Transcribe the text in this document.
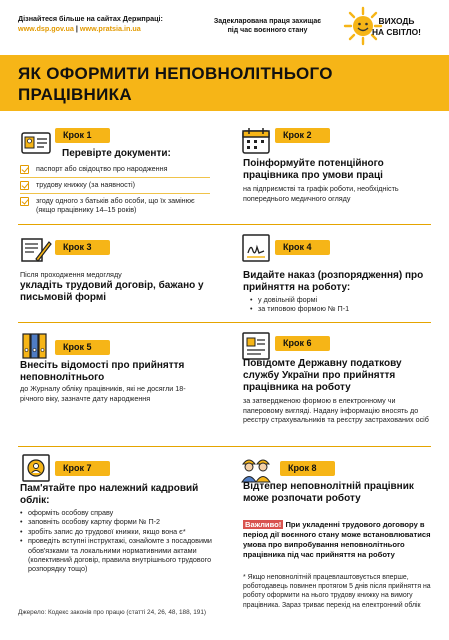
Дізнайтеся більше на сайтах Держпраці:
www.dsp.gov.ua | www.pratsia.in.ua
Задекларована праця захищає
під час воєнного стану
ВИХОДЬ
НА СВІТЛО!
ЯК ОФОРМИТИ НЕПОВНОЛІТНЬОГО
ПРАЦІВНИКА
Крок 1
Перевірте документи:
паспорт або свідоцтво про народження
трудову книжку (за наявності)
згоду одного з батьків або особи, що їх замінює (якщо працівнику 14–15 років)
Крок 2
Поінформуйте потенційного працівника про умови праці
на підприємстві та графік роботи, необхідність попереднього медичного огляду
Крок 3
Після проходження медогляду
укладіть трудовий договір, бажано у письмовій формі
Крок 4
Видайте наказ (розпорядження) про прийняття на роботу:
• у довільній формі
• за типовою формою № П-1
Крок 5
Внесіть відомості про прийняття неповнолітнього
до Журналу обліку працівників, які не досягли 18-річного віку, зазначте дату народження
Крок 6
Повідомте Державну податкову службу України про прийняття працівника на роботу
за затвердженою формою в електронному чи паперовому вигляді. Надану інформацію вносять до реєстру страхувальників та реєстру застрахованих осіб
Крок 7
Пам'ятайте про належний кадровий облік:
• оформіть особову справу
• заповніть особову картку форми № П-2
• зробіть запис до трудової книжки, якщо вона є*
• проведіть вступні інструктажі, ознайомте з посадовими обов'язками та локальними нормативними актами (колективний договір, правила внутрішнього трудового розпорядку тощо)
Крок 8
Відтепер неповнолітній працівник може розпочати роботу
Важливо! При укладенні трудового договору в період дії воєнного стану може встановлюватися умова про випробування неповнолітнього працівника під час прийняття на роботу
* Якщо неповнолітній працевлаштовується вперше, роботодавець повинен протягом 5 днів після прийняття на роботу оформити на нього трудову книжку на вимогу працівника. Зараз триває перехід на електронний облік
Джерело: Кодекс законів про працю (статті 24, 26, 48, 188, 191)
